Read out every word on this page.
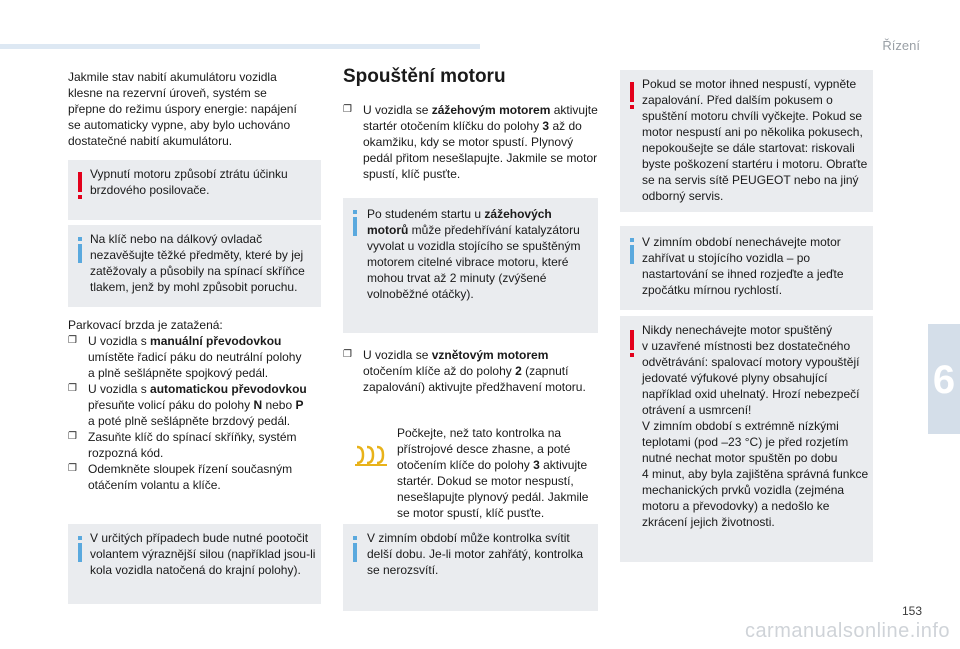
Řízení
6

Jakmile stav nabití akumulátoru vozidla

klesne na rezervní úroveň, systém se

přepne do režimu úspory energie: napájení

se automaticky vypne, aby bylo uchováno

dostatečné nabití akumulátoru.

Vypnutí motoru způsobí ztrátu účinku

brzdového posilovače.

Na klíč nebo na dálkový ovladač

nezavěšujte těžké předměty, které by jej

zatěžovaly a působily na spínací skříňce

tlakem, jenž by mohl způsobit poruchu.

Parkovací brzda je zatažená:

❐ U vozidla s manuální převodovkou

umístěte řadicí páku do neutrální polohy

a plně sešlápněte spojkový pedál.

❐ U vozidla s automatickou převodovkou

přesuňte volicí páku do polohy N nebo P

a poté plně sešlápněte brzdový pedál.

❐ Zasuňte klíč do spínací skříňky, systém

rozpozná kód.

❐ Odemkněte sloupek řízení současným

otáčením volantu a klíče.

V určitých případech bude nutné pootočit

volantem výraznější silou (například jsou-li

kola vozidla natočená do krajní polohy).

Spouštění motoru
❐ U vozidla se zážehovým motorem aktivujte

startér otočením klíčku do polohy 3 až do

okamžiku, kdy se motor spustí. Plynový

pedál přitom nesešlapujte. Jakmile se motor

spustí, klíč pusťte.

Po studeném startu u zážehových

motorů může předehřívání katalyzátoru

vyvolat u vozidla stojícího se spuštěným

motorem citelné vibrace motoru, které

mohou trvat až 2 minuty (zvýšené

volnoběžné otáčky).

❐ U vozidla se vznětovým motorem

otočením klíče až do polohy 2 (zapnutí

zapalování) aktivujte předžhavení motoru.

Počkejte, než tato kontrolka na

přístrojové desce zhasne, a poté

otočením klíče do polohy 3 aktivujte

startér. Dokud se motor nespustí,

nesešlapujte plynový pedál. Jakmile

se motor spustí, klíč pusťte.

V zimním období může kontrolka svítit

delší dobu. Je-li motor zahřátý, kontrolka

se nerozsvítí.

Pokud se motor ihned nespustí, vypněte

zapalování. Před dalším pokusem o

spuštění motoru chvíli vyčkejte. Pokud se

motor nespustí ani po několika pokusech,

nepokoušejte se dále startovat: riskovali

byste poškození startéru i motoru. Obraťte

se na servis sítě PEUGEOT nebo na jiný

odborný servis.

V zimním období nenechávejte motor

zahřívat u stojícího vozidla – po

nastartování se ihned rozjeďte a jeďte

zpočátku mírnou rychlostí.

Nikdy nenechávejte motor spuštěný

v uzavřené místnosti bez dostatečného

odvětrávání: spalovací motory vypouštějí

jedovaté výfukové plyny obsahující

například oxid uhelnatý. Hrozí nebezpečí

otrávení a usmrcení!

V zimním období s extrémně nízkými

teplotami (pod –23 °C) je před rozjetím

nutné nechat motor spuštěn po dobu

4 minut, aby byla zajištěna správná funkce

mechanických prvků vozidla (zejména

motoru a převodovky) a nedošlo ke

zkrácení jejich životnosti.

153
carmanualsonline.info
